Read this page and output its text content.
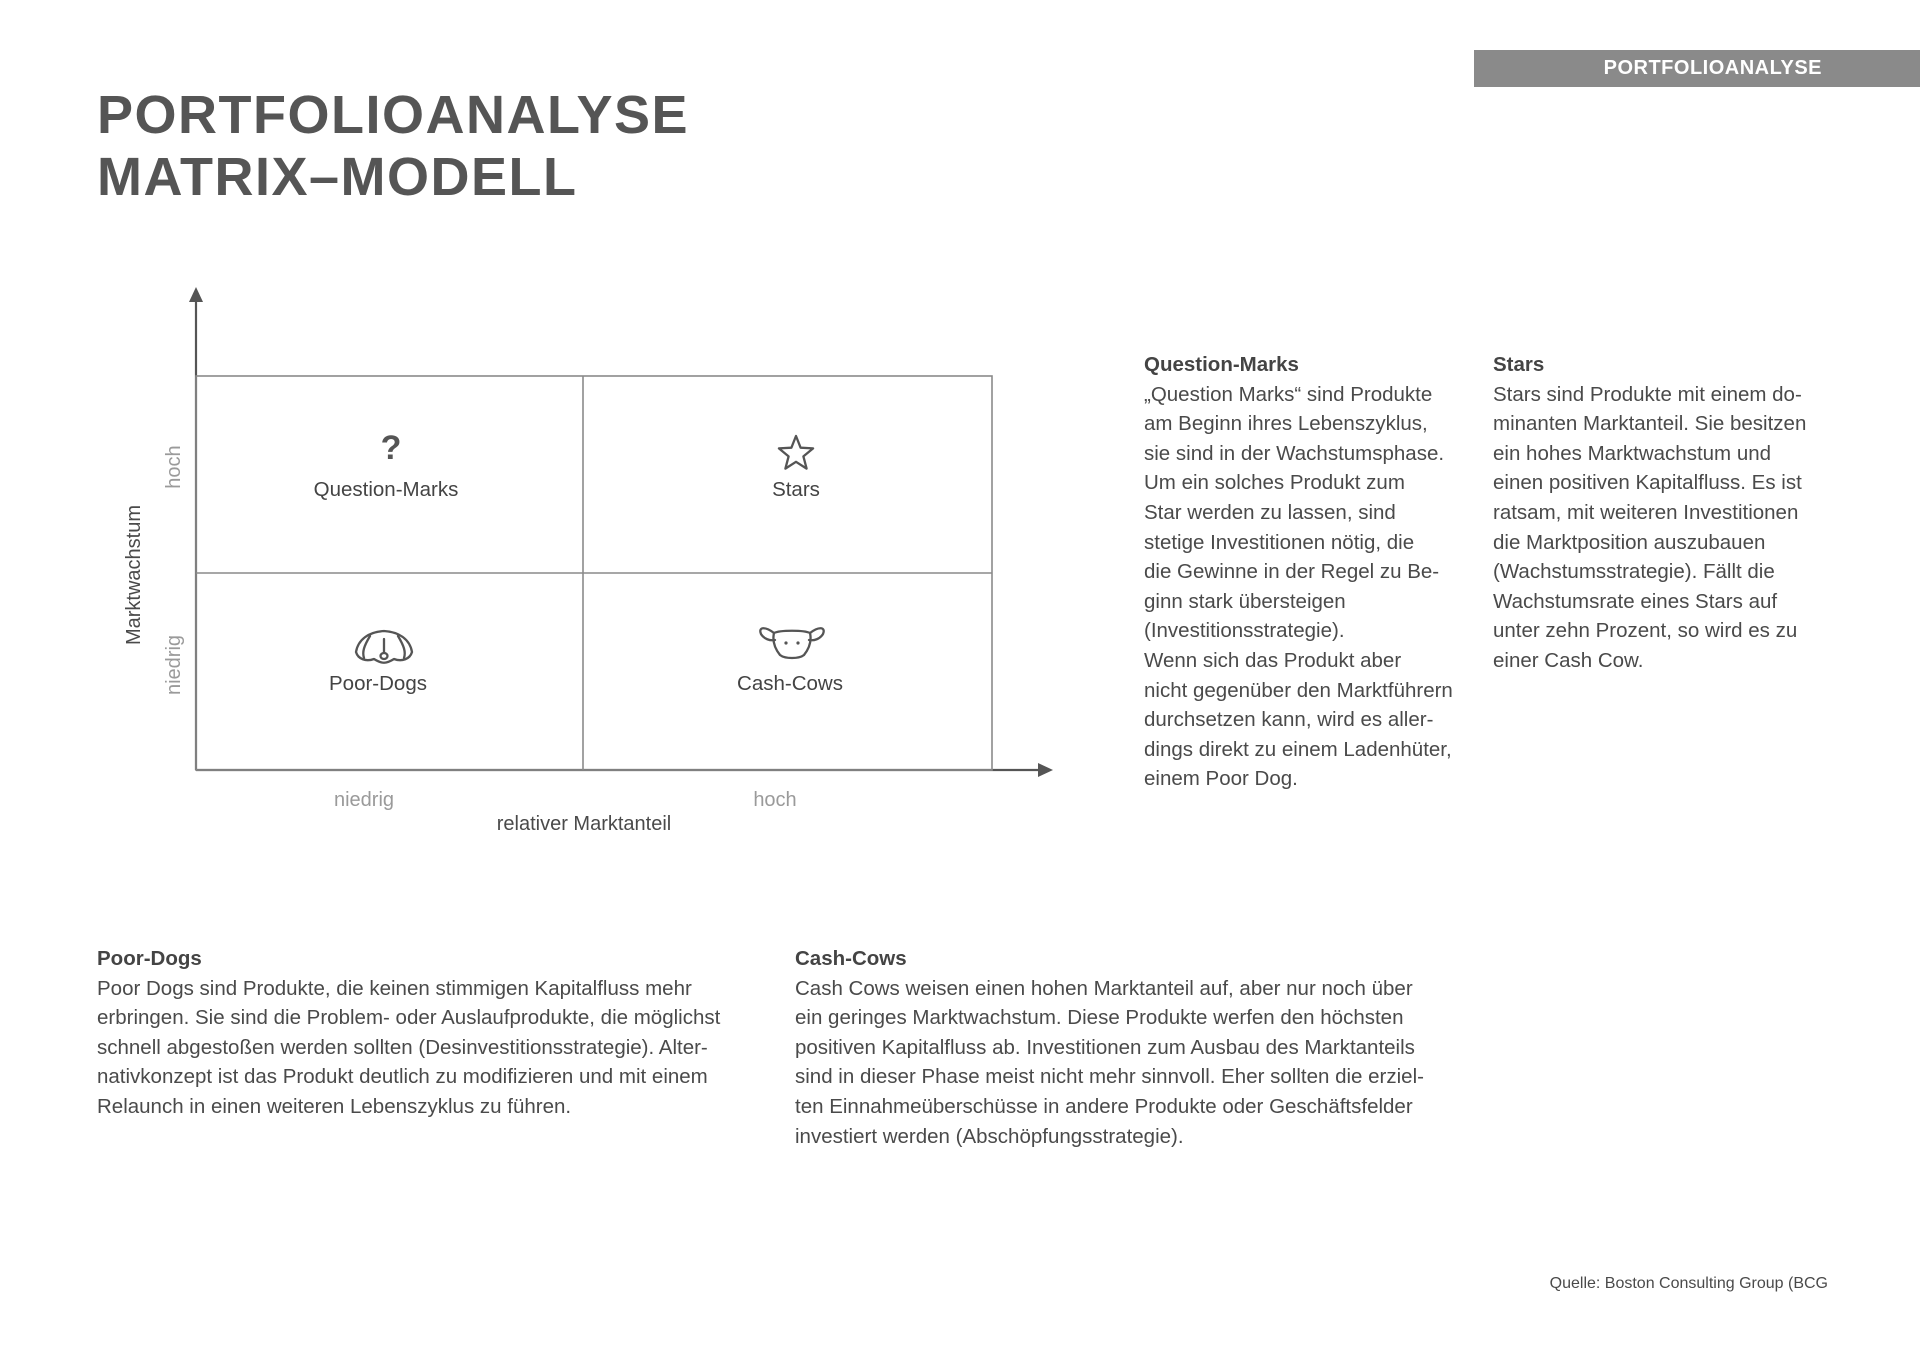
PORTFOLIOANALYSE
PORTFOLIOANALYSE
MATRIX–MODELL
Marktwachstum
hoch
niedrig
niedrig	hoch
relativer Marktanteil
?
Question-Marks	Stars
Poor-Dogs	Cash-Cows
Question-Marks
„Question Marks“ sind Produkte
am Beginn ihres Lebenszyklus,
sie sind in der Wachstumsphase.
Um ein solches Produkt zum
Star werden zu lassen, sind
stetige Investitionen nötig, die
die Gewinne in der Regel zu Be-
ginn stark übersteigen
(Investitionsstrategie).
Wenn sich das Produkt aber
nicht gegenüber den Marktführern
durchsetzen kann, wird es aller-
dings direkt zu einem Ladenhüter,
einem Poor Dog.
Stars
Stars sind Produkte mit einem do-
minanten Marktanteil. Sie besitzen
ein hohes Marktwachstum und
einen positiven Kapitalfluss. Es ist
ratsam, mit weiteren Investitionen
die Marktposition auszubauen
(Wachstumsstrategie). Fällt die
Wachstumsrate eines Stars auf
unter zehn Prozent, so wird es zu
einer Cash Cow.
Poor-Dogs
Poor Dogs sind Produkte, die keinen stimmigen Kapitalfluss mehr
erbringen. Sie sind die Problem- oder Auslaufprodukte, die möglichst
schnell abgestoßen werden sollten (Desinvestitionsstrategie). Alter-
nativkonzept ist das Produkt deutlich zu modifizieren und mit einem
Relaunch in einen weiteren Lebenszyklus zu führen.
Cash-Cows
Cash Cows weisen einen hohen Marktanteil auf, aber nur noch über
ein geringes Marktwachstum. Diese Produkte werfen den höchsten
positiven Kapitalfluss ab. Investitionen zum Ausbau des Marktanteils
sind in dieser Phase meist nicht mehr sinnvoll. Eher sollten die erziel-
ten Einnahmeüberschüsse in andere Produkte oder Geschäftsfelder
investiert werden (Abschöpfungsstrategie).
Quelle: Boston Consulting Group (BCG
